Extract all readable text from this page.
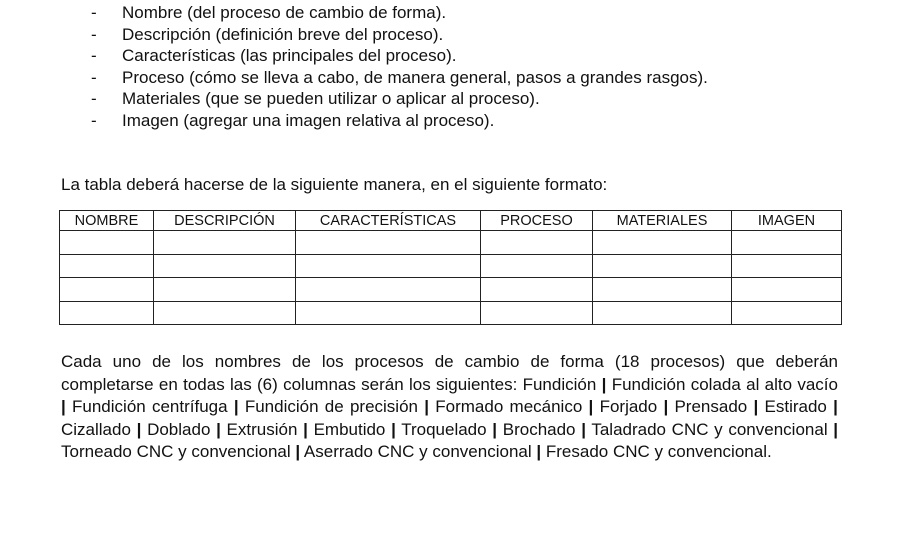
- Nombre (del proceso de cambio de forma).
- Descripción (definición breve del proceso).
- Características (las principales del proceso).
- Proceso (cómo se lleva a cabo, de manera general, pasos a grandes rasgos).
- Materiales (que se pueden utilizar o aplicar al proceso).
- Imagen (agregar una imagen relativa al proceso).

La tabla deberá hacerse de la siguiente manera, en el siguiente formato:

NOMBRE	DESCRIPCIÓN	CARACTERÍSTICAS	PROCESO	MATERIALES	IMAGEN

Cada uno de los nombres de los procesos de cambio de forma (18 procesos) que deberán completarse en todas las (6) columnas serán los siguientes: Fundición | Fundición colada al alto vacío | Fundición centrífuga | Fundición de precisión | Formado mecánico | Forjado | Prensado | Estirado | Cizallado | Doblado | Extrusión | Embutido | Troquelado | Brochado | Taladrado CNC y convencional | Torneado CNC y convencional | Aserrado CNC y convencional | Fresado CNC y convencional.
